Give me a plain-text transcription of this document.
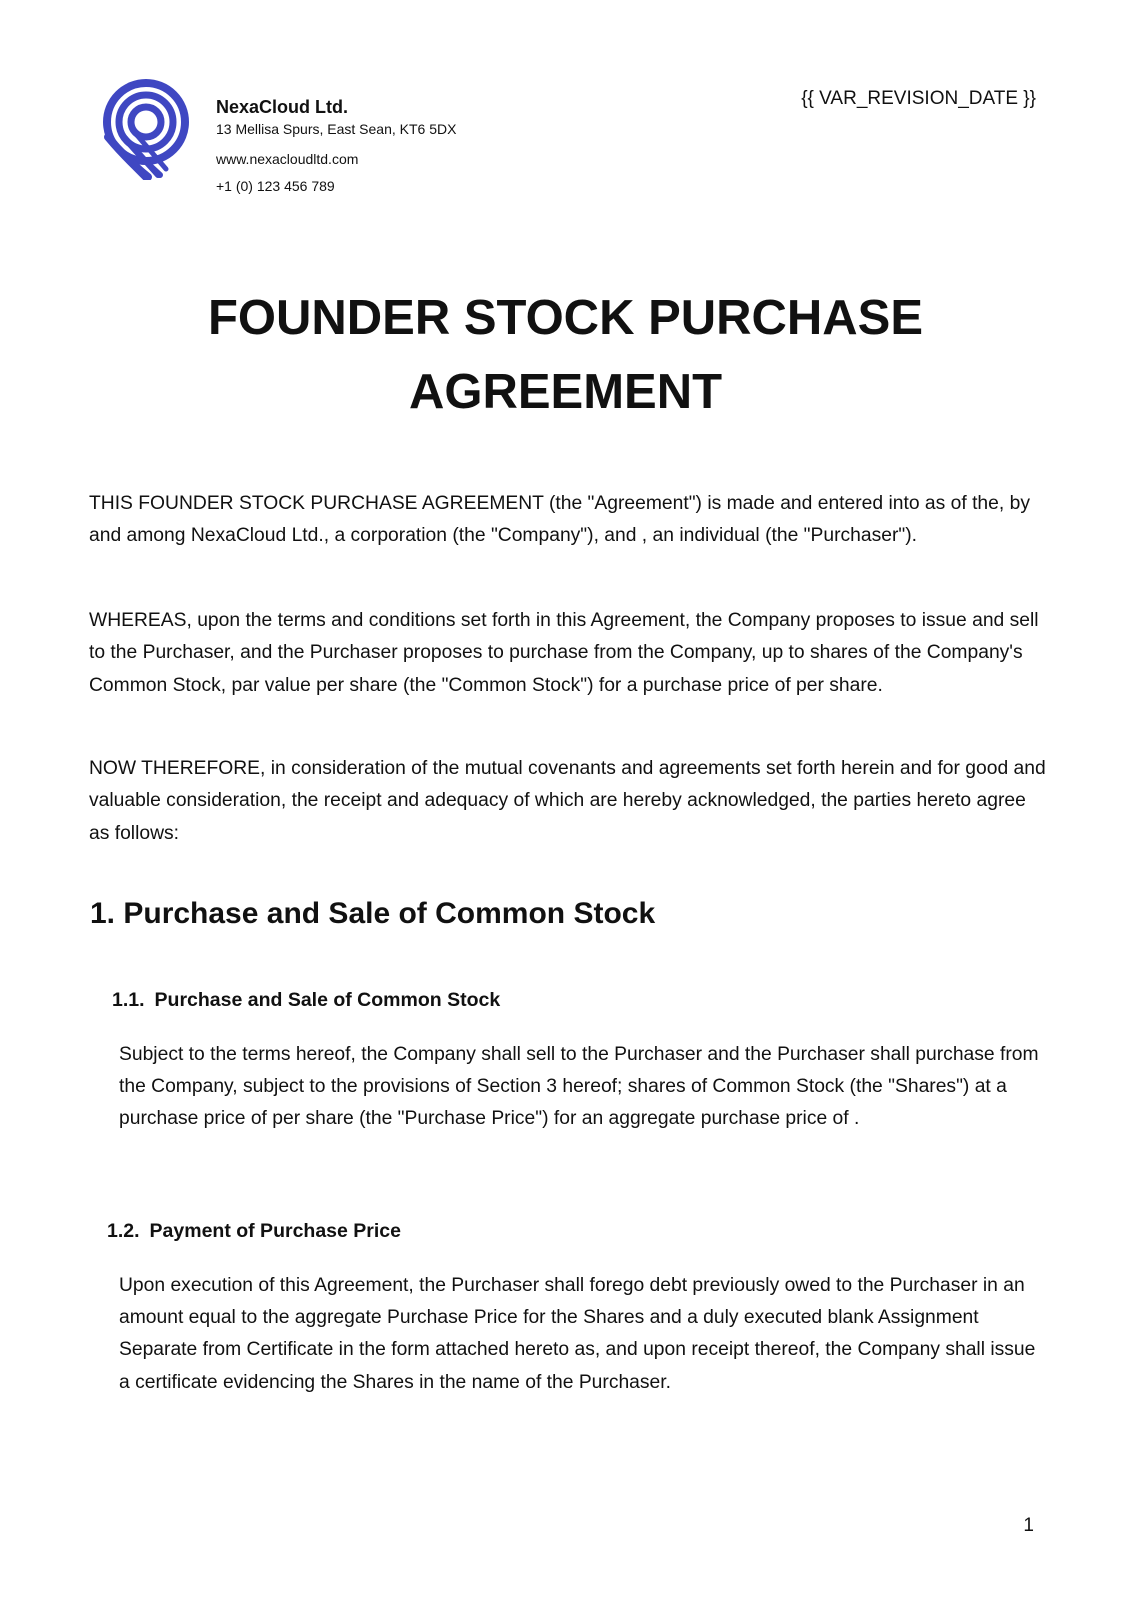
NexaCloud Ltd.

13 Mellisa Spurs, East Sean, KT6 5DX

www.nexacloudltd.com

+1 (0) 123 456 789

{{ VAR_REVISION_DATE }}
FOUNDER STOCK PURCHASE
AGREEMENT

THIS FOUNDER STOCK PURCHASE AGREEMENT (the "Agreement") is made and entered into as of the, by and among NexaCloud Ltd., a corporation (the "Company"), and , an individual (the "Purchaser").

WHEREAS, upon the terms and conditions set forth in this Agreement, the Company proposes to issue and sell to the Purchaser, and the Purchaser proposes to purchase from the Company, up to shares of the Company's Common Stock, par value per share (the "Common Stock") for a purchase price of per share.

NOW THEREFORE, in consideration of the mutual covenants and agreements set forth herein and for good and valuable consideration, the receipt and adequacy of which are hereby acknowledged, the parties hereto agree as follows:

1. Purchase and Sale of Common Stock
1.1. Purchase and Sale of Common Stock

Subject to the terms hereof, the Company shall sell to the Purchaser and the Purchaser shall purchase from the Company, subject to the provisions of Section 3 hereof; shares of Common Stock (the "Shares") at a purchase price of per share (the "Purchase Price") for an aggregate purchase price of .

1.2. Payment of Purchase Price

Upon execution of this Agreement, the Purchaser shall forego debt previously owed to the Purchaser in an amount equal to the aggregate Purchase Price for the Shares and a duly executed blank Assignment Separate from Certificate in the form attached hereto as, and upon receipt thereof, the Company shall issue a certificate evidencing the Shares in the name of the Purchaser.

1
